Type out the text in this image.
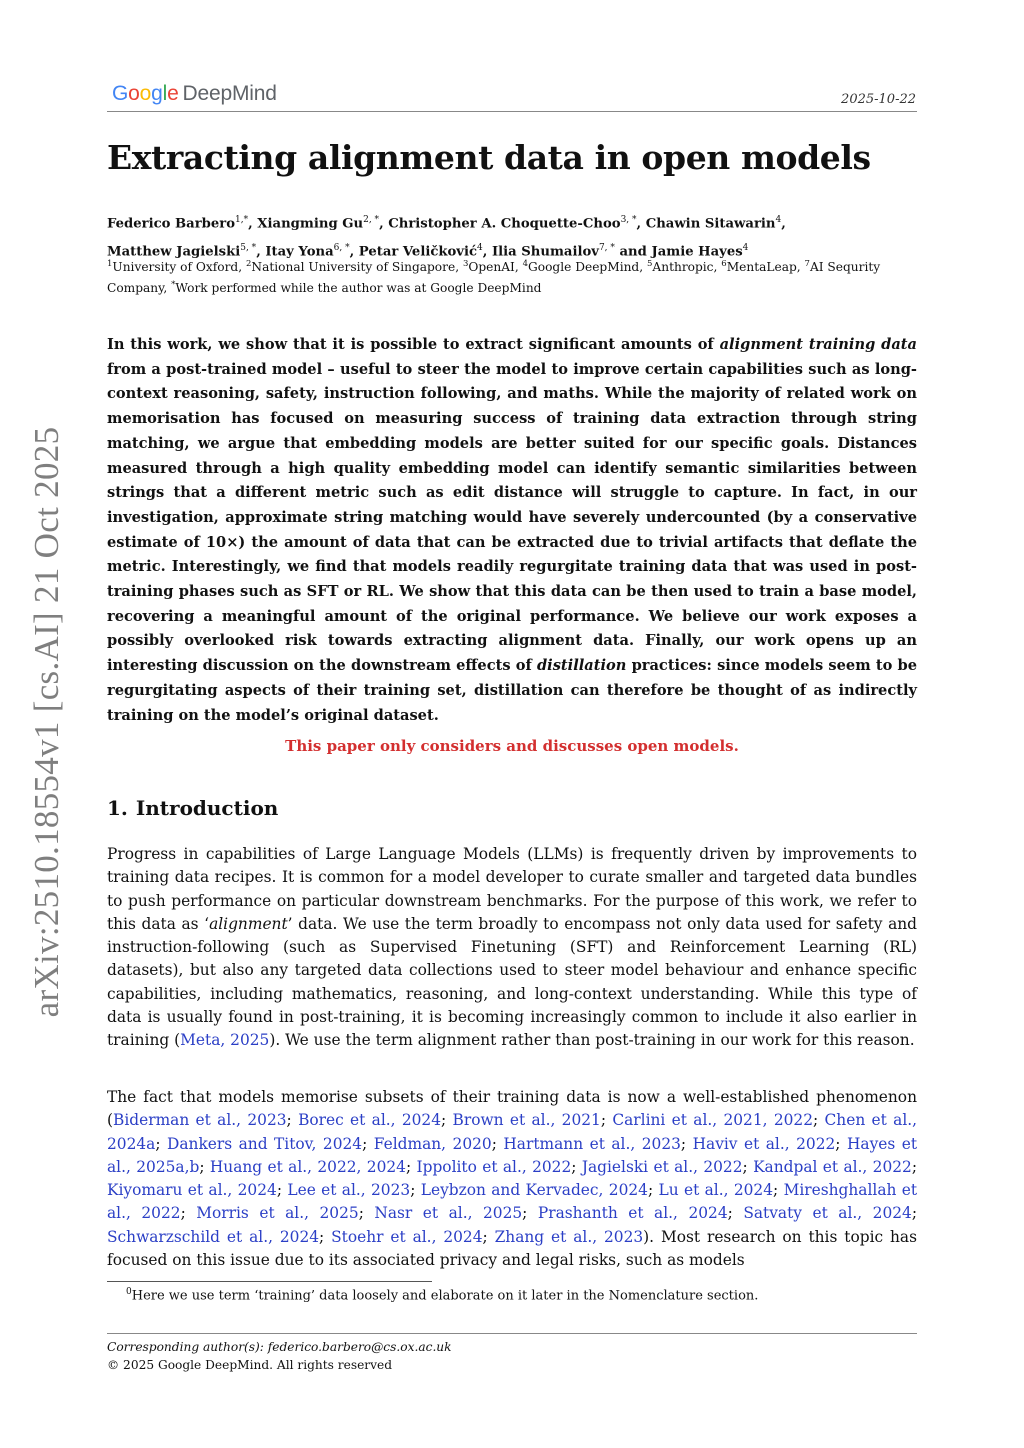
Google DeepMind	2025-10-22
arXiv:2510.18554v1 [cs.AI] 21 Oct 2025
Extracting alignment data in open models
Federico Barbero$^{1,*}$, Xiangming $Gu^{2, *}$, Christopher A. Choquette-Choo$^{3, *}$, Chawin Sitawarin$^4$,
Matthew Jagielski$^{5, *}$, Itay Yona$^{6, *}$, Petar Veličković$^4$, Ilia Shumailov$^{7, *}$ and Jamie Hayes$^4$
$^1$University of Oxford, $^2$National University of Singapore, $^3$OpenAI, $^4$Google DeepMind, $^5$Anthropic, $^6$MentaLeap, $^7$AI Sequrity Company, *Work performed while the author was at Google DeepMind
In this work, we show that it is possible to extract significant amounts of alignment training data from a post-trained model – useful to steer the model to improve certain capabilities such as long-context reasoning, safety, instruction following, and maths. While the majority of related work on memorisation has focused on measuring success of training data extraction through string matching, we argue that embedding models are better suited for our specific goals. Distances measured through a high quality embedding model can identify semantic similarities between strings that a different metric such as edit distance will struggle to capture. In fact, in our investigation, approximate string matching would have severely undercounted (by a conservative estimate of 10×) the amount of data that can be extracted due to trivial artifacts that deflate the metric. Interestingly, we find that models readily regurgitate training data that was used in post-training phases such as SFT or RL. We show that this data can be then used to train a base model, recovering a meaningful amount of the original performance. We believe our work exposes a possibly overlooked risk towards extracting alignment data. Finally, our work opens up an interesting discussion on the downstream effects of distillation practices: since models seem to be regurgitating aspects of their training set, distillation can therefore be thought of as indirectly training on the model’s original dataset.
This paper only considers and discusses open models.
1. Introduction
Progress in capabilities of Large Language Models (LLMs) is frequently driven by improvements to training data recipes. It is common for a model developer to curate smaller and targeted data bundles to push performance on particular downstream benchmarks. For the purpose of this work, we refer to this data as ‘alignment’ data. We use the term broadly to encompass not only data used for safety and instruction-following (such as Supervised Finetuning (SFT) and Reinforcement Learning (RL) datasets), but also any targeted data collections used to steer model behaviour and enhance specific capabilities, including mathematics, reasoning, and long-context understanding. While this type of data is usually found in post-training, it is becoming increasingly common to include it also earlier in training (Meta, 2025). We use the term alignment rather than post-training in our work for this reason.
The fact that models memorise subsets of their training data is now a well-established phenomenon (Biderman et al., 2023; Borec et al., 2024; Brown et al., 2021; Carlini et al., 2021, 2022; Chen et al., 2024a; Dankers and Titov, 2024; Feldman, 2020; Hartmann et al., 2023; Haviv et al., 2022; Hayes et al., 2025a,b; Huang et al., 2022, 2024; Ippolito et al., 2022; Jagielski et al., 2022; Kandpal et al., 2022; Kiyomaru et al., 2024; Lee et al., 2023; Leybzon and Kervadec, 2024; Lu et al., 2024; Mireshghallah et al., 2022; Morris et al., 2025; Nasr et al., 2025; Prashanth et al., 2024; Satvaty et al., 2024; Schwarzschild et al., 2024; Stoehr et al., 2024; Zhang et al., 2023). Most research on this topic has focused on this issue due to its associated privacy and legal risks, such as models
$^0$Here we use term ‘training’ data loosely and elaborate on it later in the Nomenclature section.
Corresponding author(s): federico.barbero@cs.ox.ac.uk
© 2025 Google DeepMind. All rights reserved
